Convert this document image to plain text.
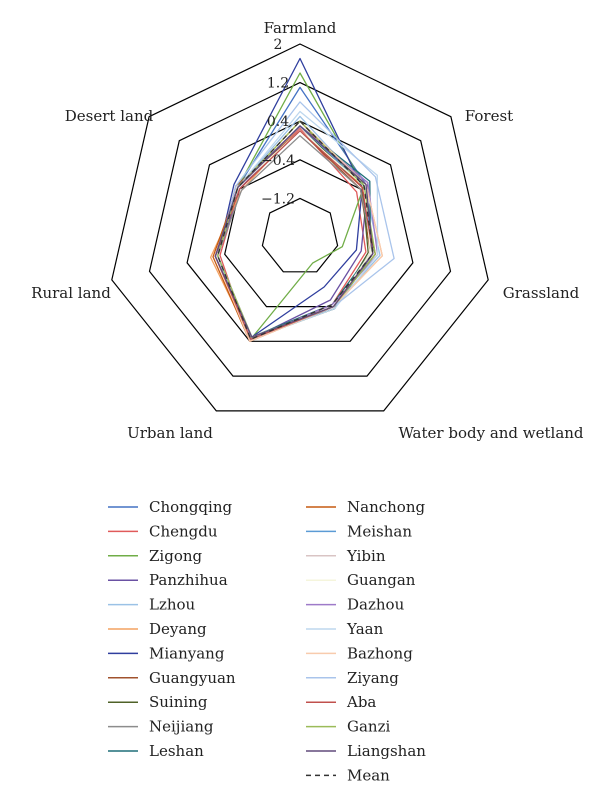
Farmland
Forest
Grassland
Water body and wetland
Urban land
Rural land
Desert land
2
1.2
0.4
−0.4
−1.2
Chongqing
Chengdu
Zigong
Panzhihua
Lzhou
Deyang
Mianyang
Guangyuan
Suining
Neijiang
Leshan
Nanchong
Meishan
Yibin
Guangan
Dazhou
Yaan
Bazhong
Ziyang
Aba
Ganzi
Liangshan
Mean
